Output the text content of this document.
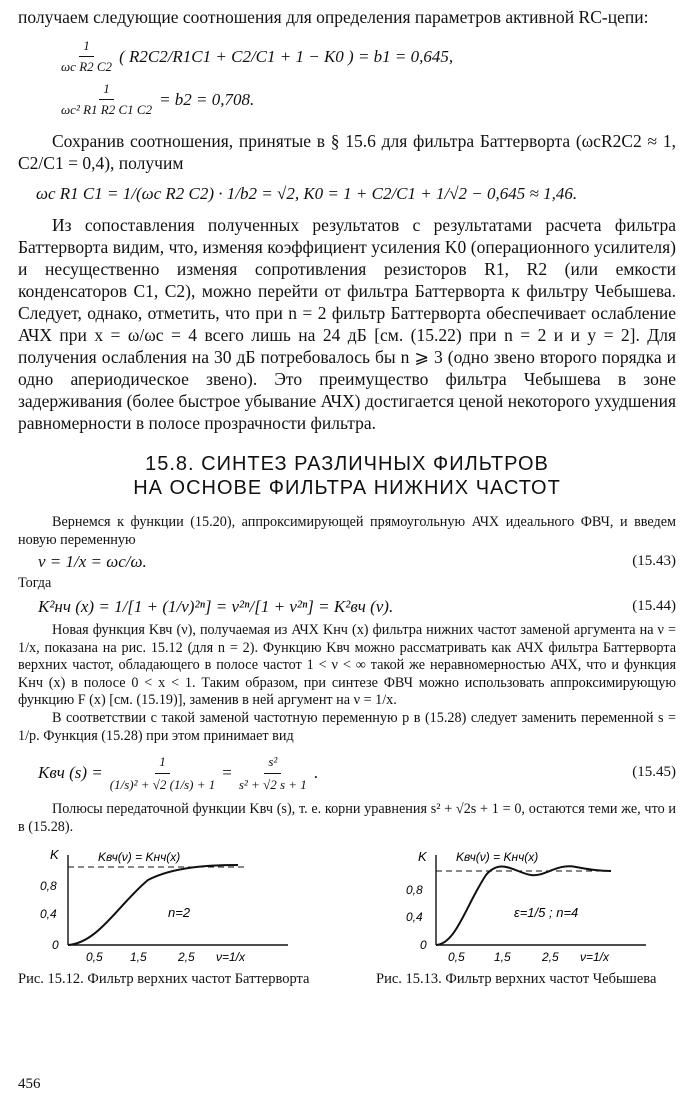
получаем следующие соотношения для определения параметров активной RC-цепи:

$\frac{1}{\text{ωc R2 C2}}$ ( R2C2/R1C1 + C2/C1 + 1 − K0 ) = b1 = 0,645,
$\frac{1}{\text{ωc² R1 R2 C1 C2}} = b2 = 0,708$.

Сохранив соотношения, принятые в § 15.6 для фильтра Баттерворта (ωcR2C2 ≈ 1, C2/C1 = 0,4), получим

ωc R1 C1 = 1/(ωc R2 C2) · 1/b2 = √2, K0 = 1 + C2/C1 + 1/√2 − 0,645 ≈ 1,46.

Из сопоставления полученных результатов с результатами расчета фильтра Баттерворта видим, что, изменяя коэффициент усиления K0 (операционного усилителя) и несущественно изменяя сопротивления резисторов R1, R2 (или емкости конденсаторов C1, C2), можно перейти от фильтра Баттерворта к фильтру Чебышева. Следует, однако, отметить, что при n = 2 фильтр Баттерворта обеспечивает ослабление АЧХ при x = ω/ωc = 4 всего лишь на 24 дБ [см. (15.22) при n = 2 и и y = 2]. Для получения ослабления на 30 дБ потребовалось бы n ⩾ 3 (одно звено второго порядка и одно апериодическое звено). Это преимущество фильтра Чебышева в зоне задерживания (более быстрое убывание АЧХ) достигается ценой некоторого ухудшения равномерности в полосе прозрачности фильтра.

15.8. СИНТЕЗ РАЗЛИЧНЫХ ФИЛЬТРОВ
НА ОСНОВЕ ФИЛЬТРА НИЖНИХ ЧАСТОТ

Вернемся к функции (15.20), аппроксимирующей прямоугольную АЧХ идеального ФВЧ, и введем новую переменную

ν = 1/x = ωc/ω.	(15.43)

Тогда

K²нч (x) = 1/[1 + (1/ν)²ⁿ] = ν²ⁿ/[1 + ν²ⁿ] = K²вч (ν).	(15.44)

Новая функция Kвч (ν), получаемая из АЧХ Kнч (x) фильтра нижних частот заменой аргумента на ν = 1/x, показана на рис. 15.12 (для n = 2). Функцию Kвч можно рассматривать как АЧХ фильтра Баттерворта верхних частот, обладающего в полосе частот 1 < ν < ∞ такой же неравномерностью АЧХ, что и функция Kнч (x) в полосе 0 < x < 1. Таким образом, при синтезе ФВЧ можно использовать аппроксимирующую функцию F (x) [см. (15.19)], заменив в ней аргумент на ν = 1/x.

В соответствии с такой заменой частотную переменную p в (15.28) следует заменить переменной s = 1/p. Функция (15.28) при этом принимает вид

Kвч $(s) = \frac{1}{\text{(1/s)² + √2 (1/s) + 1}} = \frac{\text{s²}}{\text{s² + √2 s + 1}}$ .	(15.45)

Полюсы передаточной функции Kвч (s), т. е. корни уравнения s² + √2s + 1 = 0, остаются теми же, что и в (15.28).

K	Kвч(ν) = Kнч(x)
n=2
0,8
0,4
0
0,5 1,5	2,5 ν=1/x
Рис. 15.12. Фильтр верхних частот Баттерворта
K Kвч(ν) = Kнч(x)
ε=1/5 ; n=4
0,8
0,4
0
0,5 1,5	2,5 ν=1/x
Рис. 15.13. Фильтр верхних частот Чебышева
456
